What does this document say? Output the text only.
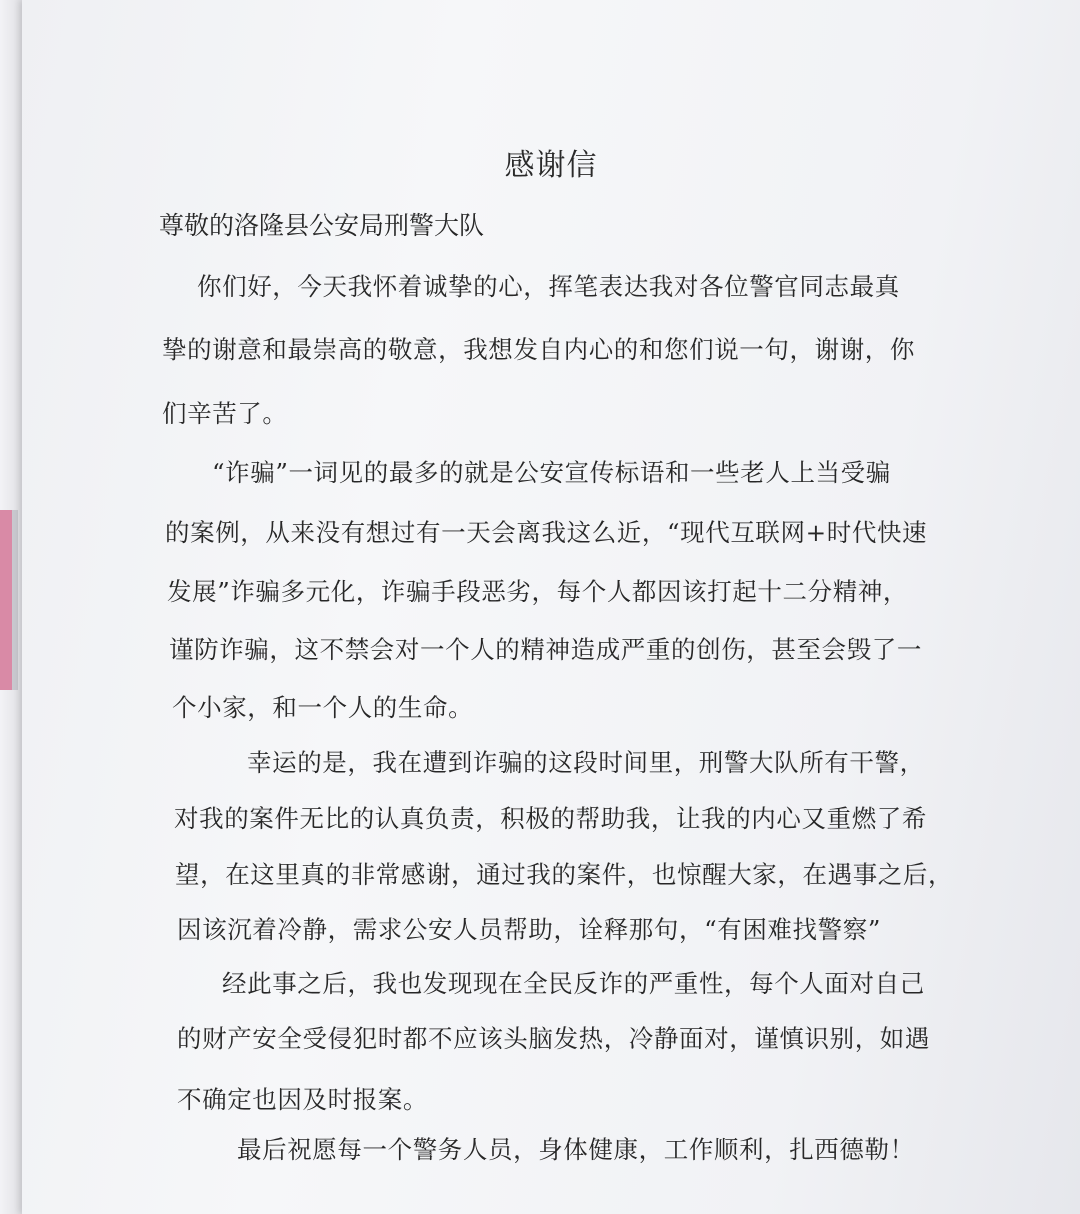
感谢信
尊敬的洛隆县公安局刑警大队
你们好，今天我怀着诚挚的心，挥笔表达我对各位警官同志最真
挚的谢意和最崇高的敬意，我想发自内心的和您们说一句，谢谢，你
们辛苦了。
“诈骗”一词见的最多的就是公安宣传标语和一些老人上当受骗
的案例，从来没有想过有一天会离我这么近，“现代互联网+时代快速
发展”诈骗多元化，诈骗手段恶劣，每个人都因该打起十二分精神，
谨防诈骗，这不禁会对一个人的精神造成严重的创伤，甚至会毁了一
个小家，和一个人的生命。
幸运的是，我在遭到诈骗的这段时间里，刑警大队所有干警，
对我的案件无比的认真负责，积极的帮助我，让我的内心又重燃了希
望，在这里真的非常感谢，通过我的案件，也惊醒大家，在遇事之后，
因该沉着冷静，需求公安人员帮助，诠释那句，“有困难找警察”
经此事之后，我也发现现在全民反诈的严重性，每个人面对自己
的财产安全受侵犯时都不应该头脑发热，冷静面对，谨慎识别，如遇
不确定也因及时报案。
最后祝愿每一个警务人员，身体健康，工作顺利，扎西德勒！
